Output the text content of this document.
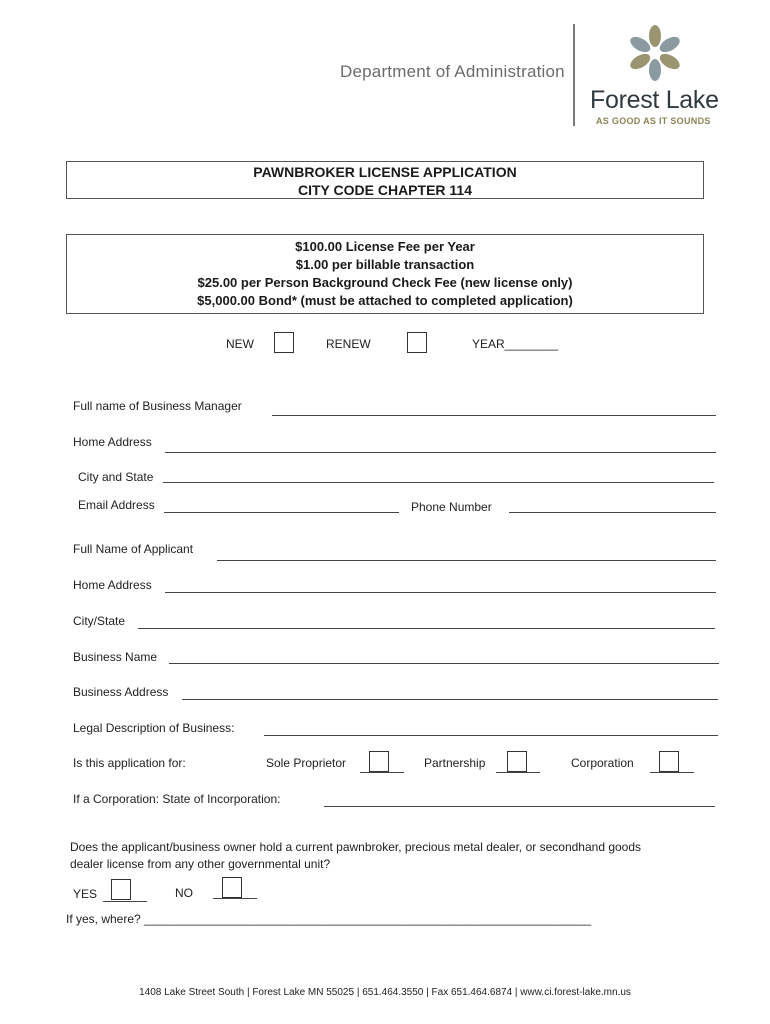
Department of Administration
Forest Lake
AS GOOD AS IT SOUNDS
PAWNBROKER LICENSE APPLICATION
CITY CODE CHAPTER 114
$100.00 License Fee per Year
$1.00 per billable transaction
$25.00 per Person Background Check Fee (new license only)
$5,000.00 Bond* (must be attached to completed application)
NEW	RENEW	YEAR________
Full name of Business Manager
Home Address
City and State
Email Address	Phone Number
Full Name of Applicant
Home Address
City/State
Business Name
Business Address
Legal Description of Business:
Is this application for:	Sole Proprietor	Partnership	Corporation
If a Corporation: State of Incorporation:
Does the applicant/business owner hold a current pawnbroker, precious metal dealer, or secondhand goods
dealer license from any other governmental unit?
YES	NO
If yes, where? ___________________________________________________________________
1408 Lake Street South | Forest Lake MN 55025 | 651.464.3550 | Fax 651.464.6874 | www.ci.forest-lake.mn.us
